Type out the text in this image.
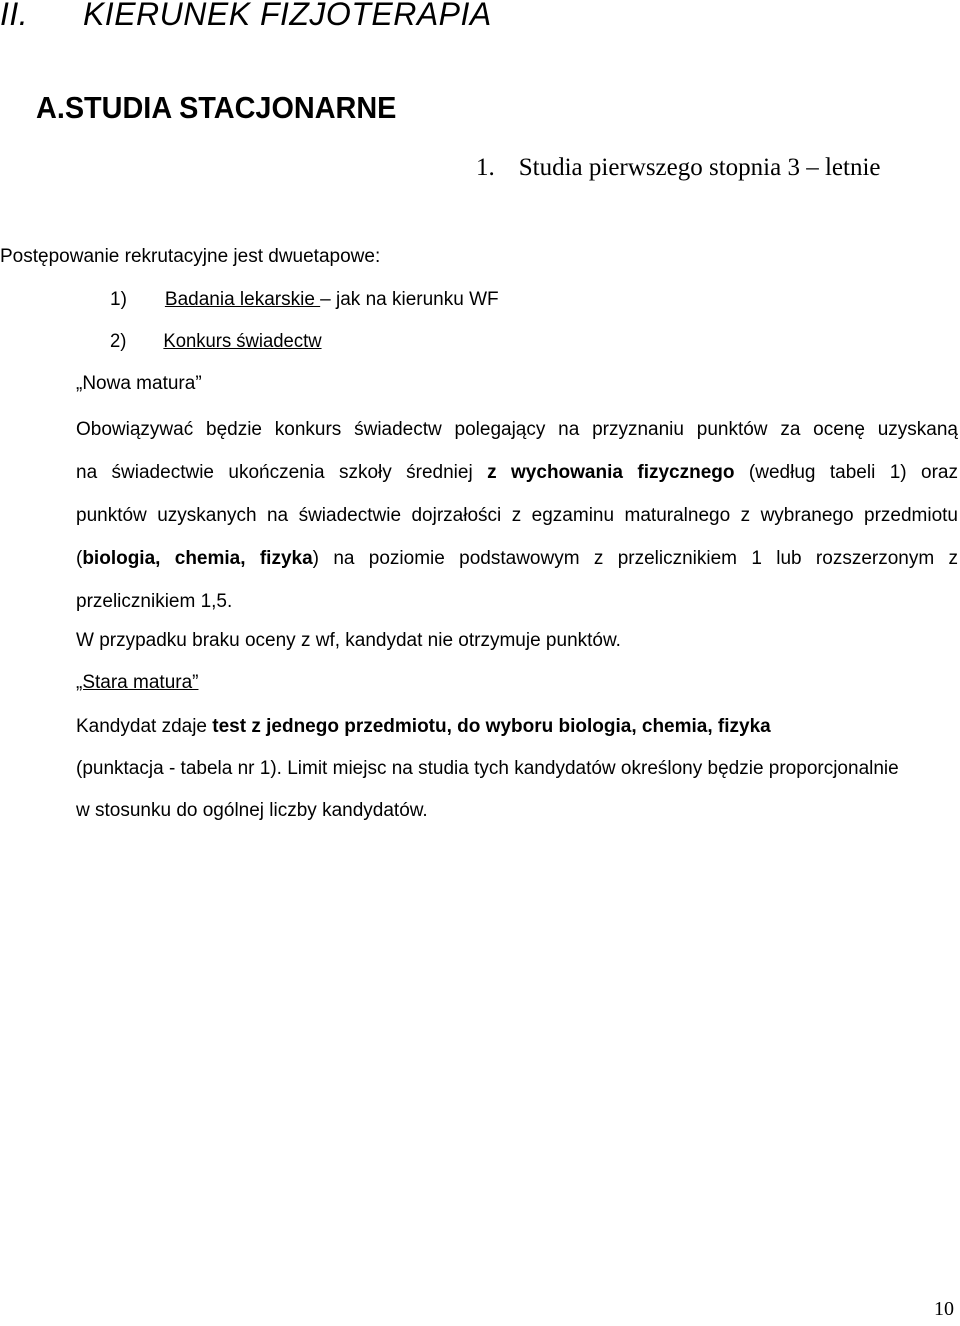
II. KIERUNEK FIZJOTERAPIA
A.STUDIA STACJONARNE
1. Studia pierwszego stopnia 3 – letnie
Postępowanie rekrutacyjne jest dwuetapowe:
1) Badania lekarskie – jak na kierunku WF
2) Konkurs świadectw
„Nowa matura”
Obowiązywać będzie konkurs świadectw polegający na przyznaniu punktów za ocenę uzyskaną
na świadectwie ukończenia szkoły średniej z wychowania fizycznego (według tabeli 1) oraz
punktów uzyskanych na świadectwie dojrzałości z egzaminu maturalnego z wybranego przedmiotu
(biologia, chemia, fizyka) na poziomie podstawowym z przelicznikiem 1 lub rozszerzonym z
przelicznikiem 1,5.
W przypadku braku oceny z wf, kandydat nie otrzymuje punktów.
„Stara matura”
Kandydat zdaje test z jednego przedmiotu, do wyboru biologia, chemia, fizyka
(punktacja - tabela nr 1). Limit miejsc na studia tych kandydatów określony będzie proporcjonalnie
w stosunku do ogólnej liczby kandydatów.
10
